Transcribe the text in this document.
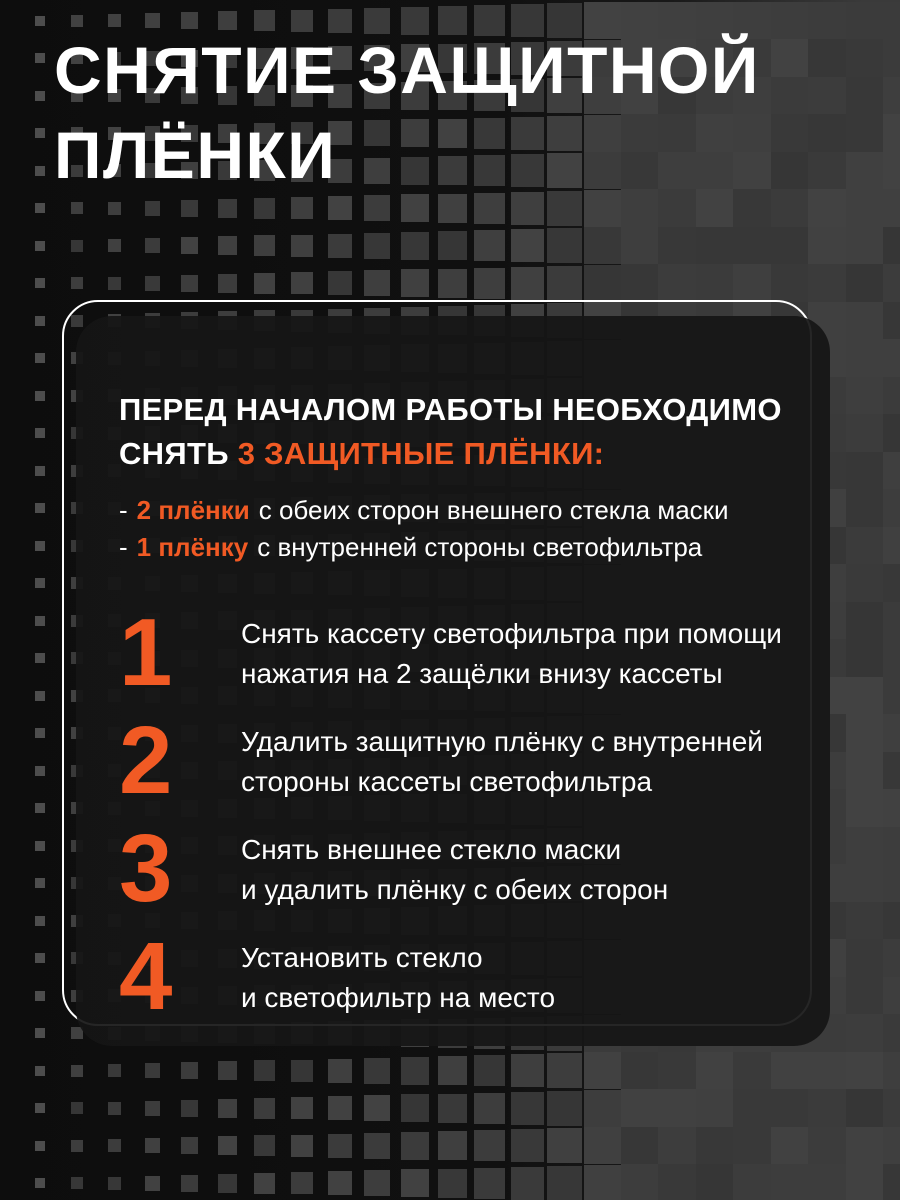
СНЯТИЕ ЗАЩИТНОЙ
ПЛЁНКИ
ПЕРЕД НАЧАЛОМ РАБОТЫ НЕОБХОДИМО
СНЯТЬ 3 ЗАЩИТНЫЕ ПЛЁНКИ:
- 2 плёнки с обеих сторон внешнего стекла маски
- 1 плёнку с внутренней стороны светофильтра
1	Снять кассету светофильтра при помощи
нажатия на 2 защёлки внизу кассеты
2	Удалить защитную плёнку с внутренней
стороны кассеты светофильтра
3	Снять внешнее стекло маски
и удалить плёнку с обеих сторон
4	Установить стекло
и светофильтр на место
